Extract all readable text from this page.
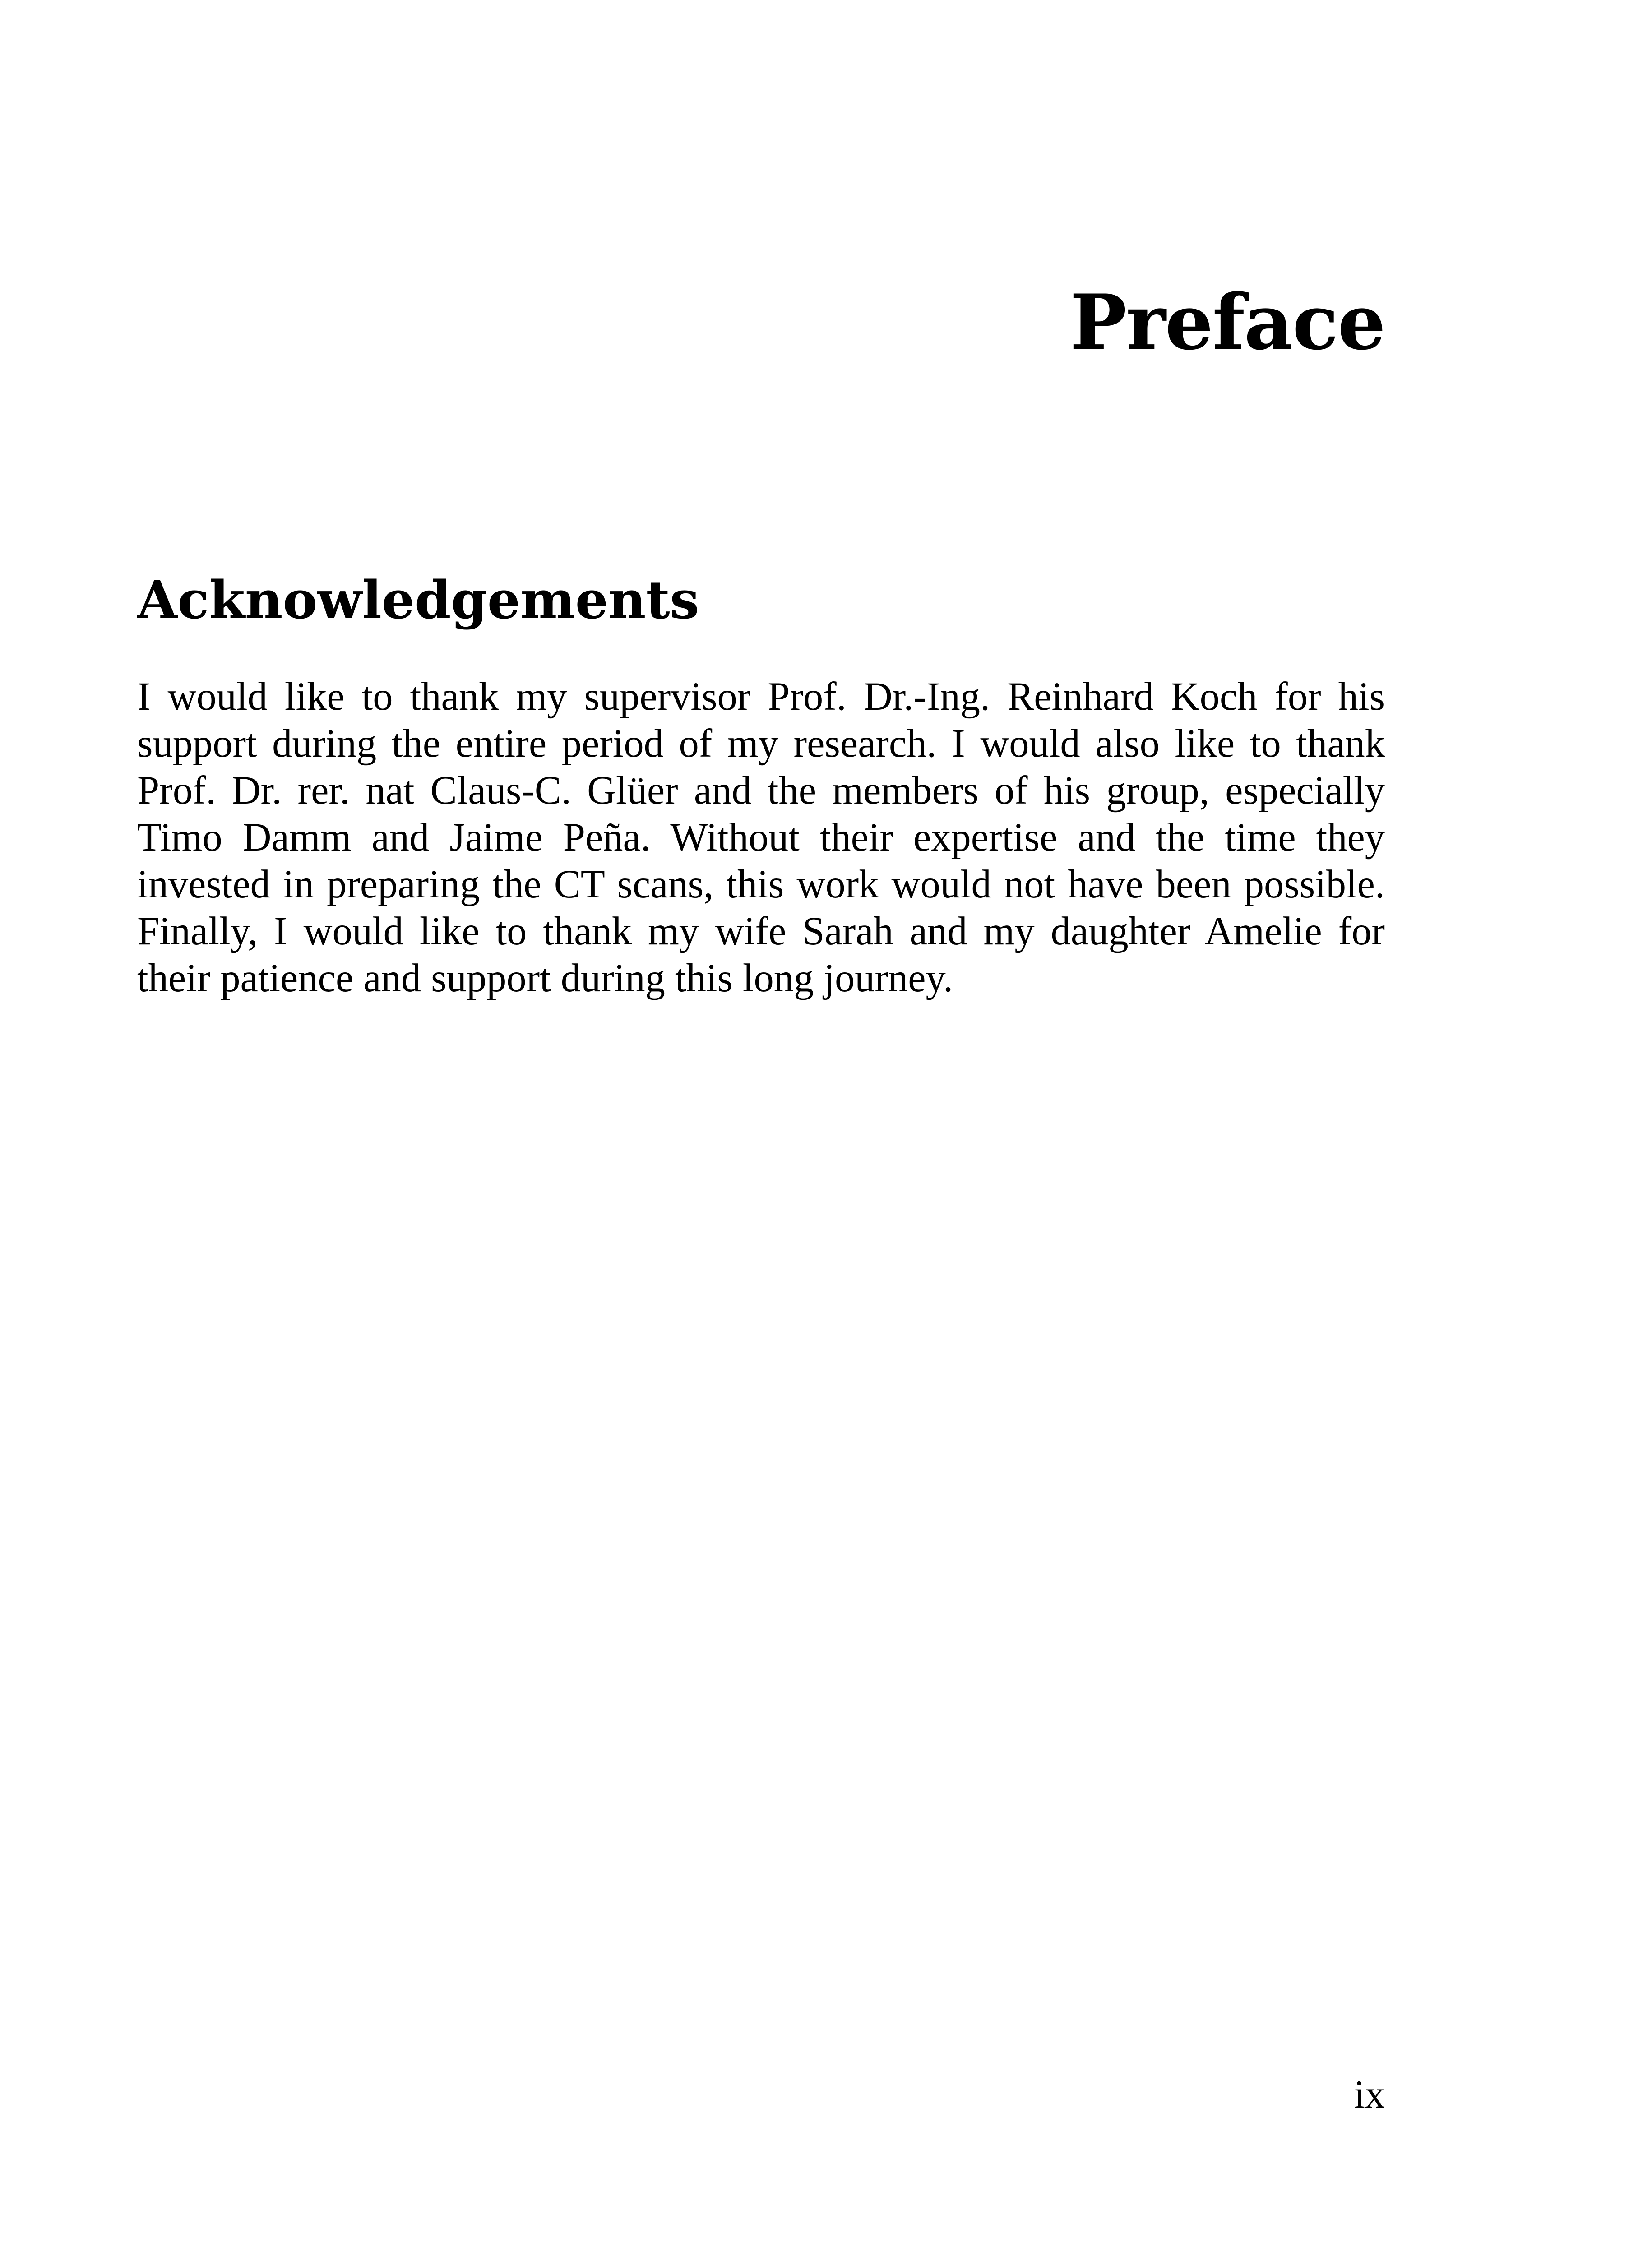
Preface
Acknowledgements

I would like to thank my supervisor Prof. Dr.-Ing. Reinhard Koch for his
support during the entire period of my research. I would also like to thank
Prof. Dr. rer. nat Claus-C. Glüer and the members of his group, especially
Timo Damm and Jaime Peña. Without their expertise and the time they
invested in preparing the CT scans, this work would not have been possible.
Finally, I would like to thank my wife Sarah and my daughter Amelie for
their patience and support during this long journey.

ix
